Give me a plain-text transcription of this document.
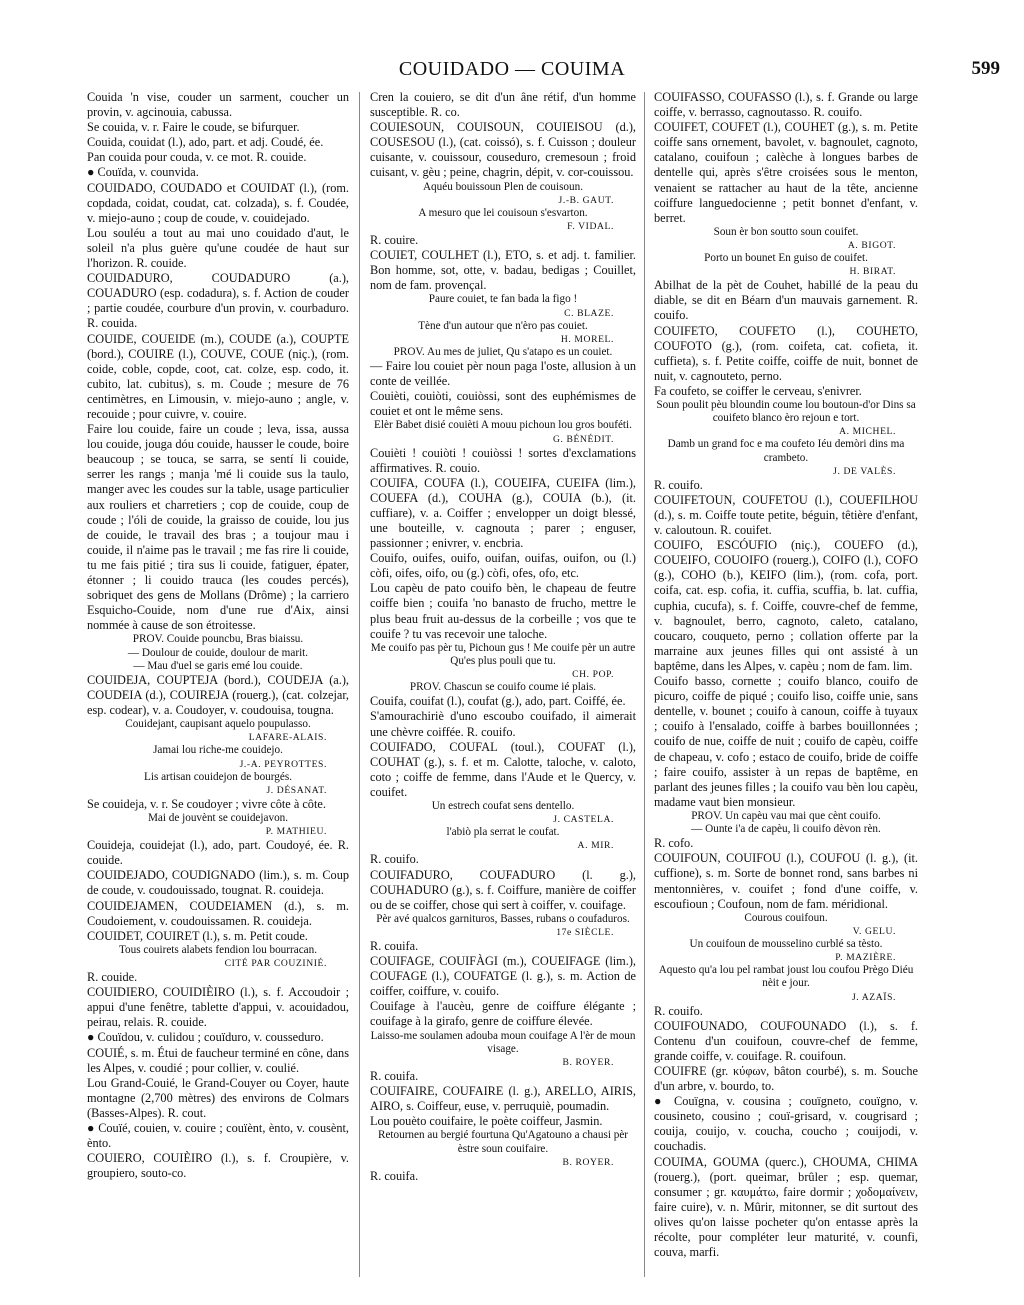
COUIDADO — COUIMA	599

Couida 'n vise, couder un sarment, coucher un provin, v. agcinouia, cabussa.

Se couida, v. r. Faire le coude, se bifurquer.

Couida, couidat (l.), ado, part. et adj. Coudé, ée.

Pan couida pour couda, v. ce mot. R. couide.

● Couïda, v. counvida.

COUIDADO, COUDADO et COUIDAT (l.), (rom. copdada, coidat, coudat, cat. colzada), s. f. Coudée, v. miejo-auno ; coup de coude, v. couidejado.

Lou souléu a tout au mai uno couidado d'aut, le soleil n'a plus guère qu'une coudée de haut sur l'horizon. R. couide.

COUIDADURO, COUDADURO (a.), COUADURO (esp. codadura), s. f. Action de couder ; partie coudée, courbure d'un provin, v. courbaduro. R. couida.

COUIDE, COUEIDE (m.), COUDE (a.), COUPTE (bord.), COUIRE (l.), COUVE, COUE (niç.), (rom. coide, coble, copde, coot, cat. colze, esp. codo, it. cubito, lat. cubitus), s. m. Coude ; mesure de 76 centimètres, en Limousin, v. miejo-auno ; angle, v. recouide ; pour cuivre, v. couire.

Faire lou couide, faire un coude ; leva, issa, aussa lou couide, jouga dóu couide, hausser le coude, boire beaucoup ; se touca, se sarra, se sentí li couide, serrer les rangs ; manja 'mé li couide sus la taulo, manger avec les coudes sur la table, usage particulier aux rouliers et charretiers ; cop de couide, coup de coude ; l'óli de couide, la graisso de couide, lou jus de couide, le travail des bras ; a toujour mau i couide, il n'aime pas le travail ; me fas rire li couide, tu me fais pitié ; tira sus li couide, fatiguer, épater, étonner ; li couido trauca (les coudes percés), sobriquet des gens de Mollans (Drôme) ; la carriero Esquicho-Couide, nom d'une rue d'Aix, ainsi nommée à cause de son étroitesse.

PROV. Couide pouncbu, Bras biaissu.

— Doulour de couide, doulour de marit.

— Mau d'uel se garis emé lou couide.

COUIDEJA, COUPTEJA (bord.), COUDEJA (a.), COUDEIA (d.), COUIREJA (rouerg.), (cat. colzejar, esp. codear), v. a. Coudoyer, v. coudouisa, tougna.

Couidejant, caupisant aquelo poupulasso.

LAFARE-ALAIS.

Jamai lou riche-me couidejo.

J.-A. PEYROTTES.

Lis artisan couidejon de bourgés.

J. DÉSANAT.

Se couideja, v. r. Se coudoyer ; vivre côte à côte.

Mai de jouvènt se couidejavon.

P. MATHIEU.

Couideja, couidejat (l.), ado, part. Coudoyé, ée. R. couide.

COUIDEJADO, COUDIGNADO (lim.), s. m. Coup de coude, v. coudouissado, tougnat. R. couideja.

COUIDEJAMEN, COUDEIAMEN (d.), s. m. Coudoiement, v. coudouissamen. R. couideja.

COUIDET, COUIRET (l.), s. m. Petit coude.

Tous couirets alabets fendion lou bourracan.

CITÉ PAR COUZINIÉ.

R. couide.

COUIDIERO, COUIDIÈIRO (l.), s. f. Accoudoir ; appui d'une fenêtre, tablette d'appui, v. acouidadou, peirau, relais. R. couide.

● Couïdou, v. culidou ; couïduro, v. cousseduro.

COUIÉ, s. m. Étui de faucheur terminé en cône, dans les Alpes, v. coudié ; pour collier, v. coulié.

Lou Grand-Couié, le Grand-Couyer ou Coyer, haute montagne (2,700 mètres) des environs de Colmars (Basses-Alpes). R. cout.

● Couïé, couien, v. couire ; couïènt, ènto, v. cousènt, ènto.

COUIERO, COUIÈIRO (l.), s. f. Croupière, v. groupiero, souto-co.

Cren la couiero, se dit d'un âne rétif, d'un homme susceptible. R. co.

COUIESOUN, COUISOUN, COUIEISOU (d.), COUSESOU (l.), (cat. coissó), s. f. Cuisson ; douleur cuisante, v. couissour, couseduro, cremesoun ; froid cuisant, v. gèu ; peine, chagrin, dépit, v. cor-couissou.

Aquéu bouissoun Plen de couisoun.

J.-B. GAUT.

A mesuro que lei couisoun s'esvarton.

F. VIDAL.

R. couire.

COUIET, COULHET (l.), ETO, s. et adj. t. familier. Bon homme, sot, otte, v. badau, bedigas ; Couillet, nom de fam. provençal.

Paure couiet, te fan bada la figo !

C. BLAZE.

Tène d'un autour que n'èro pas couiet.

H. MOREL.

PROV. Au mes de juliet, Qu s'atapo es un couiet.

— Faire lou couiet pèr noun paga l'oste, allusion à un conte de veillée.

Couièti, couiòti, couiòssi, sont des euphémismes de couiet et ont le même sens.

Elèr Babet disié couièti A mouu pichoun lou gros bouféti.

G. BÉNÉDIT.

Couièti ! couiòti ! couiòssi ! sortes d'exclamations affirmatives. R. couio.

COUIFA, COUFA (l.), COUEIFA, CUEIFA (lim.), COUEFA (d.), COUHA (g.), COUIA (b.), (it. cuffiare), v. a. Coiffer ; envelopper un doigt blessé, une bouteille, v. cagnouta ; parer ; enguser, passionner ; enivrer, v. encbria.

Couifo, ouifes, ouifo, ouifan, ouifas, ouifon, ou (l.) còfi, oifes, oifo, ou (g.) còfi, ofes, ofo, etc.

Lou capèu de pato couifo bèn, le chapeau de feutre coiffe bien ; couifa 'no banasto de frucho, mettre le plus beau fruit au-dessus de la corbeille ; vos que te couife ? tu vas recevoir une taloche.

Me couifo pas pèr tu, Pichoun gus ! Me couife pèr un autre Qu'es plus pouli que tu.

CH. POP.

PROV. Chascun se couifo coume ié plais.

Couifa, couifat (l.), coufat (g.), ado, part. Coiffé, ée.

S'amourachiriè d'uno escoubo couifado, il aimerait une chèvre coiffée. R. couifo.

COUIFADO, COUFAL (toul.), COUFAT (l.), COUHAT (g.), s. f. et m. Calotte, taloche, v. caloto, coto ; coiffe de femme, dans l'Aude et le Quercy, v. couifet.

Un estrech coufat sens dentello.

J. CASTELA.

l'abiò pla serrat le coufat.

A. MIR.

R. couifo.

COUIFADURO, COUFADURO (l. g.), COUHADURO (g.), s. f. Coiffure, manière de coiffer ou de se coiffer, chose qui sert à coiffer, v. couifage.

Pèr avé qualcos garnituros, Basses, rubans o coufaduros.

17e SIÈCLE.

R. couifa.

COUIFAGE, COUIFÀGI (m.), COUEIFAGE (lim.), COUFAGE (l.), COUFATGE (l. g.), s. m. Action de coiffer, coiffure, v. couifo.

Couifage à l'aucèu, genre de coiffure élégante ; couifage à la girafo, genre de coiffure élevée.

Laisso-me soulamen adouba moun couifage A l'èr de moun visage.

B. ROYER.

R. couifa.

COUIFAIRE, COUFAIRE (l. g.), ARELLO, AIRIS, AIRO, s. Coiffeur, euse, v. perruquiè, poumadin.

Lou pouèto couifaire, le poète coiffeur, Jasmin.

Retournen au bergié fourtuna Qu'Agatouno a chausi pèr èstre soun couifaire.

B. ROYER.

R. couifa.

COUIFASSO, COUFASSO (l.), s. f. Grande ou large coiffe, v. berrasso, cagnoutasso. R. couifo.

COUIFET, COUFET (l.), COUHET (g.), s. m. Petite coiffe sans ornement, bavolet, v. bagnoulet, cagnoto, catalano, couifoun ; calèche à longues barbes de dentelle qui, après s'être croisées sous le menton, venaient se rattacher au haut de la tête, ancienne coiffure languedocienne ; petit bonnet d'enfant, v. berret.

Soun èr bon soutto soun couifet.

A. BIGOT.

Porto un bounet En guiso de couifet.

H. BIRAT.

Abilhat de la pèt de Couhet, habillé de la peau du diable, se dit en Béarn d'un mauvais garnement. R. couifo.

COUIFETO, COUFETO (l.), COUHETO, COUFOTO (g.), (rom. coifeta, cat. cofieta, it. cuffieta), s. f. Petite coiffe, coiffe de nuit, bonnet de nuit, v. cagnouteto, perno.

Fa coufeto, se coiffer le cerveau, s'enivrer.

Soun poulit pèu bloundin coume lou boutoun-d'or Dins sa couifeto blanco èro rejoun e tort.

A. MICHEL.

Damb un grand foc e ma coufeto Iéu demòri dins ma crambeto.

J. DE VALÈS.

R. couifo.

COUIFETOUN, COUFETOU (l.), COUEFILHOU (d.), s. m. Coiffe toute petite, béguin, têtière d'enfant, v. caloutoun. R. couifet.

COUIFO, ESCÓUFIO (niç.), COUEFO (d.), COUEIFO, COUOIFO (rouerg.), COIFO (l.), COFO (g.), COHO (b.), KEIFO (lim.), (rom. cofa, port. coifa, cat. esp. cofia, it. cuffia, scuffia, b. lat. cuffia, cuphia, cucufa), s. f. Coiffe, couvre-chef de femme, v. bagnoulet, berro, cagnoto, caleto, catalano, coucaro, couqueto, perno ; collation offerte par la marraine aux jeunes filles qui ont assisté à un baptême, dans les Alpes, v. capèu ; nom de fam. lim.

Couifo basso, cornette ; couifo blanco, couifo de picuro, coiffe de piqué ; couifo liso, coiffe unie, sans dentelle, v. bounet ; couifo à canoun, coiffe à tuyaux ; couifo à l'ensalado, coiffe à barbes bouillonnées ; couifo de nue, coiffe de nuit ; couifo de capèu, coiffe de chapeau, v. cofo ; estaco de couifo, bride de coiffe ; faire couifo, assister à un repas de baptême, en parlant des jeunes filles ; la couifo vau bèn lou capèu, madame vaut bien monsieur.

PROV. Un capèu vau mai que cènt couifo.

— Ounte i'a de capèu, li couifo dèvon rèn.

R. cofo.

COUIFOUN, COUIFOU (l.), COUFOU (l. g.), (it. cuffione), s. m. Sorte de bonnet rond, sans barbes ni mentonnières, v. couifet ; fond d'une coiffe, v. escoufioun ; Coufoun, nom de fam. méridional.

Courous couifoun.

V. GELU.

Un couifoun de mousselino curblé sa tèsto.

P. MAZIÈRE.

Aquesto qu'a lou pel rambat joust lou coufou Prègo Diéu nèit e jour.

J. AZAÏS.

R. couifo.

COUIFOUNADO, COUFOUNADO (l.), s. f. Contenu d'un couifoun, couvre-chef de femme, grande coiffe, v. couifage. R. couifoun.

COUIFRE (gr. κύφων, bâton courbé), s. m. Souche d'un arbre, v. bourdo, to.

● Couïgna, v. cousina ; couïgneto, couïgno, v. cousineto, cousino ; couï-grisard, v. cougrisard ; couija, couijo, v. coucha, coucho ; couijodi, v. couchadis.

COUIMA, GOUMA (querc.), CHOUMA, CHIMA (rouerg.), (port. queimar, brûler ; esp. quemar, consumer ; gr. καυμάτω, faire dormir ; χοδομαίνειν, faire cuire), v. n. Mûrir, mitonner, se dit surtout des olives qu'on laisse pocheter qu'on entasse après la récolte, pour compléter leur maturité, v. counfi, couva, marfi.
